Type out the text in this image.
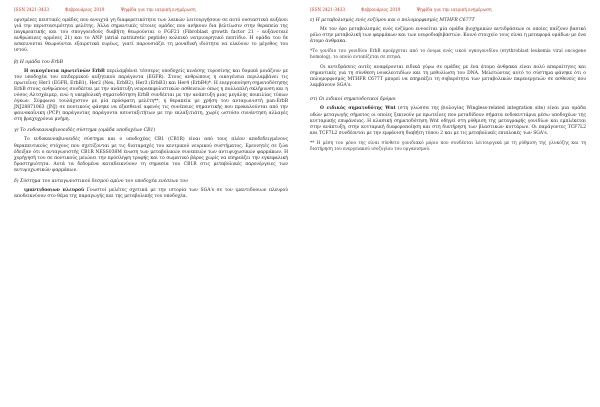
ISSN 2421-3433	Φεβρουάριος 2019	Ψηφίδα για την ιατρική ενημέρωση

ορισμένες πειστικές ομάδες που ανοιχτά γη διαφορετικότητα των λαικών λειτουργήσουν σε αυτό ουσιαστικά αυξάνει γιά την περιστασιμότητα μελέτης. Άλλα σημαντικές τέτοιες ομάδες που ανήκουν δια βελτίωσιν στην θεραπεία της παγκρεατικής και του σπογγοειδούς διαβήτη θεωρούνται ο FGF21 (Fibroblast growth factor 21 - αυξάνεταιέ ανθρώπινες ορμόνες 21) και το ANP (atrial natriuretic peptide) κολπικό νατριουρητικό πεπτίδιο. Η ομάδα του δε ασκεινονται θεωρούνται εξαιρετικά ευρέως, γιατί παρουσιάζει τη μοναδική ιδιότητα να ελκύουν το μέγεθος του ιστού.

β) Η ομάδα του ErbB

Η οικογένεια πρωτεϊνών ErbB περιλαμβάνει τέσσερις υποδοχείς κινάσης τυροσίνης και δομικά μοιάζουν με τον υποδοχέα του επιδερμικού αυξητικού παράγοντα (EGFR). Στους ανθρώπους η οικογένεια περιλαμβάνει τις πρωτεΐνες Her1 (EGFR, ErbB1), Her2 (Neu, ErbB2), Her3 (ErbB3) και Her4 (ErbB4)*. Η ενεργοποίηση σηματοδότησης ErbB στους ανθρώπους συνδέεται με την ανάπτυξη νευροεκφυλιστικών ασθενειών όπως η πολλαπλή σκλήρυνση και η νόσος Αλτσχάιμερ, ενώ η υπερβολική σηματοδότηση ErbB συνδέεται με την ανάπτυξη μιας μεγάλης ποικιλίας τύπων όγκων. Σύμφωνα τουλάχιστον με μία πρόσφατη μελέτη**, η θεραπεία με χρήση του ανταγωνιστή pan-ErbB JNJ28871063 (JNJ) σε ποντικούς φάνηκε να εξασθενεί αφενός τις συνέπειες σημαντικής που προκαλούνται από την φαινοκαΐνικη (PCP) παράγοντας παράγοντα ασυνταξιτήτων με την εκλαξιτιάτη, χωρίς ωστόσο συνάντηση αλλαγές στη βραχυχρόνια μνήμη.

γ) Το ενδοκανναβινοειδές σύστημα (ομάδα υποδοχέων CB1)

Το ενδοκανναβινοειδές σύστημα και ο υποδοχέας CB1 (CB1R) είναι από τους πλέον αποδεδειγμένους θεραπευτικούς στόχους που σχετίζονται με τις διαταραχές του κεντρικού νευρικού συστήματος. Ερευνητές σε ζώα έδειξαν ότι ο ανταγωνιστής CB1R NESS038M ένωση των μεταβολικών συνεπειών των αντιψυχωσικών φαρμάκων. Η χορήγησή του σε ποντικούς μειώνει την πρόσληψη τροφής και το σωματικό βάρος χωρίς να επηρεάζει την εγκεφαλική δραστηριότητα. Αυτά τα δεδομένα καταδεικνύουν τη σημασία του CB1R στις μεταβολικές παρενέργειες των αντιψυχωσικών φαρμάκων.

δ) Σύστημα του ανταγωνιστικού δεσμού αμίνο του υποδοχέα ενέσεων του

ιμαντιδοοιων πλευρού Γνωστοί μελέτες σχετικά με την ιστορία των SGA's σε τον ιμαντιδοοιων πλευρού αποδεικνύουν στο θέμα της παραγωγής και της μεταβολικής του υποδοχέα.

ISSN 2421-3433	Φεβρουάριος 2019	Ψηφίδα για την ιατρική ενημέρωση

ε) Η μεταβολισμός ενός ενζύμου και ο πολυμορφισμός MTHFR C677T

Με τον όρο μεταβολισμός ενός ενζύμου εννοείται μία ομάδα βιοχημικών αντιδράσεων οι οποίες παίζουν βασικό ρόλο στην μεταβολική των φαρμάκων και των νευροδιαβιβαστών. Κοινό στοιχείο τους είναι η μεταφορά ομάδων με ένα άτομο άνθρακα.

*Το γονίδιο του γονιδίου ErbB προέρχεται από το όνομα ενός ιικού ογκογονιδίου (erythroblast leukemia viral oncogene homolog), το οποίο εντοπίζεται σε πτηνά.

Οι αντιδράσεις αυτές αναφέρονται ειδικά γύρω σε ομάδες με ένα άτομο άνθρακα είναι πολύ απαραίτητες και σημαντικές για τη σύνθεση νουκλεοτιδίων και τη μεθυλίωση του DNA. Μελετώντας αυτό το σύστημα φάνηκε ότι ο πολυμορφισμός MTHFR C677T μπορεί να επηρεάζει τη σοβαρότητα των μεταβολικών παρενεργειών σε ασθενείς που λαμβάνουν SGA's.

στ) Οι ειδικοί σηματοδοτικοί δρόμοι

Ο ειδικός σηματοδότης Wnt (στη γλώσσα της βιολογίας Wingless-related integration site) είναι μια ομάδα οδών μεταγωγής σήματος οι οποίες ξεκινούν με πρωτεΐνες που μεταδίδουν σήματα ενδοκυττάρια μέσω υποδοχέων της κυτταρικής επιφάνειας. Η κλασική σηματοδότηση Wnt οδηγεί στη ρύθμιση της μεταγραφής γονιδίων και εμπλέκεται στην ανάπτυξη, στην κυτταρική διαφοροποίηση και στη διατήρηση των βλαστικών κυττάρων. Οι παράγοντες TCF7L2 και TCF7L2 συνδέονται με την εμφάνιση διαβήτη τύπου 2 και με τις μεταβολικές επιπλοκές των SGA's.

** Η μέση του μόνο της είναι σύνθετο γονιδιακό μόριο που συνδέεται λειτουργικά με τη ρύθμιση της γλυκόζης και τη διατήρηση του ενεργειακού ισοζυγίου του οργανισμού.
